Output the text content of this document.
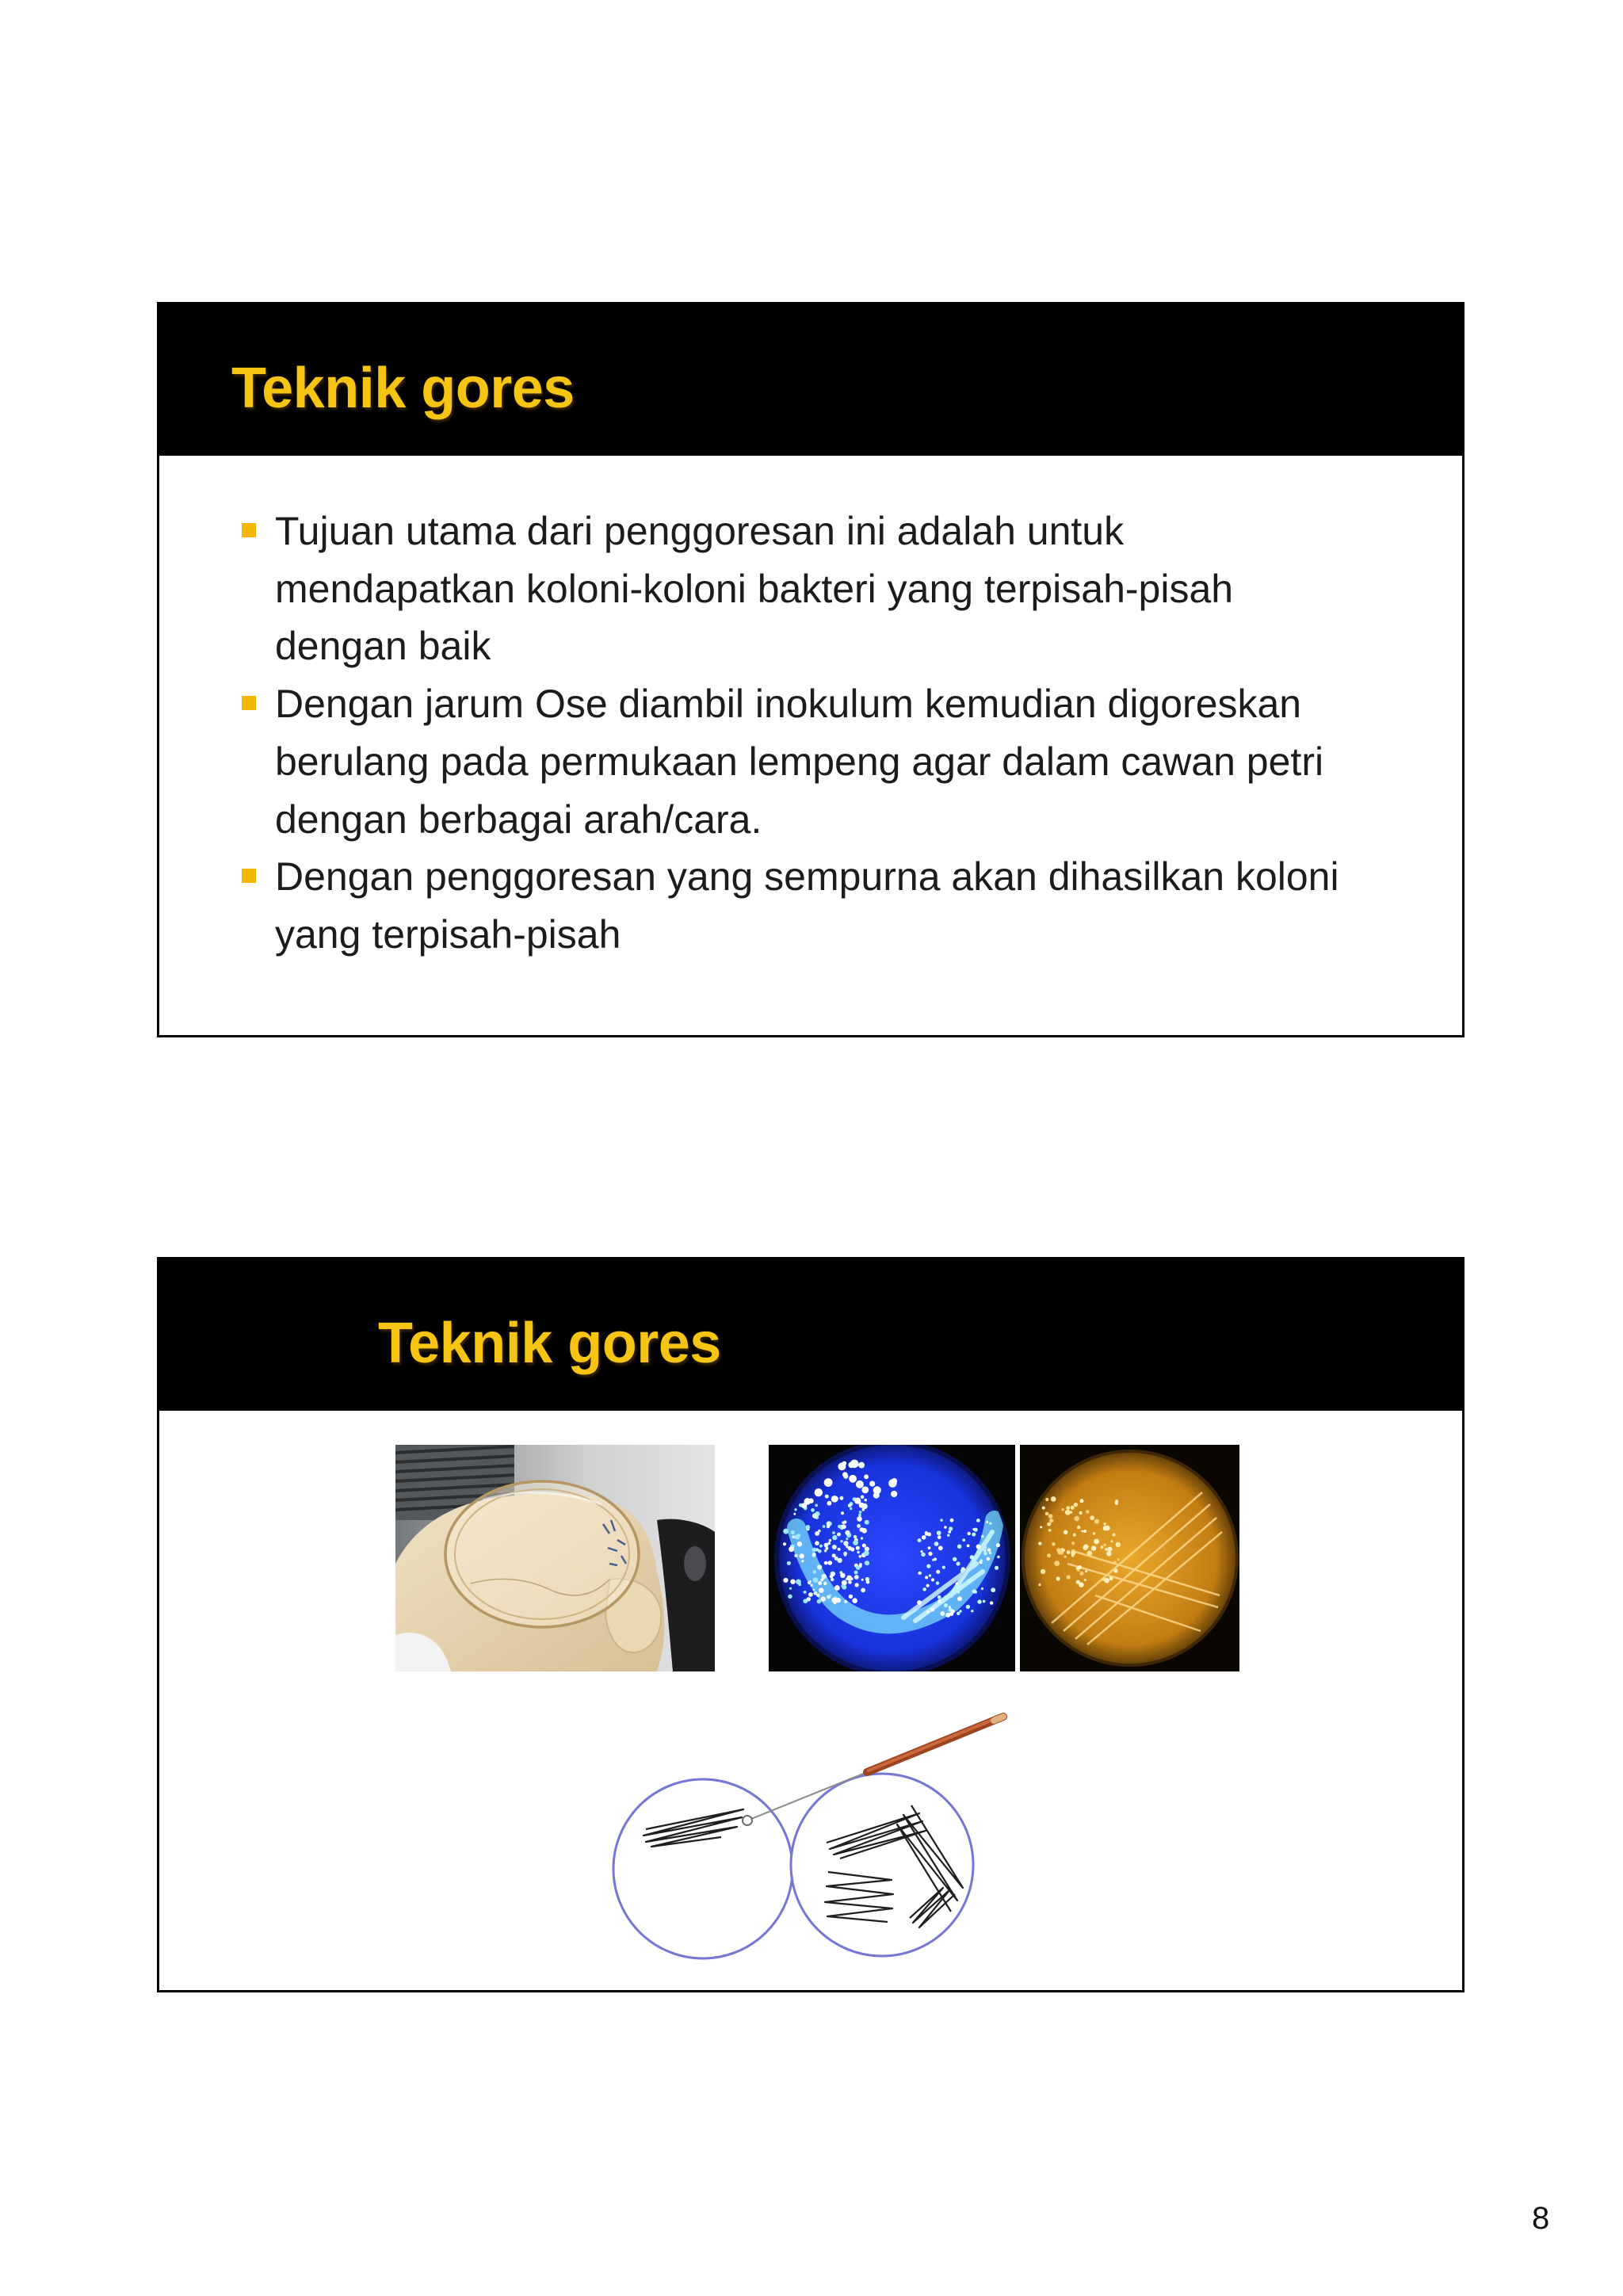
Teknik gores
Tujuan utama dari penggoresan ini adalah untuk
mendapatkan koloni-koloni bakteri yang terpisah-pisah
dengan baik
Dengan jarum Ose diambil inokulum kemudian digoreskan
berulang pada permukaan lempeng agar dalam cawan petri
dengan berbagai arah/cara.
Dengan penggoresan yang sempurna akan dihasilkan koloni
yang terpisah-pisah
Teknik gores
8
